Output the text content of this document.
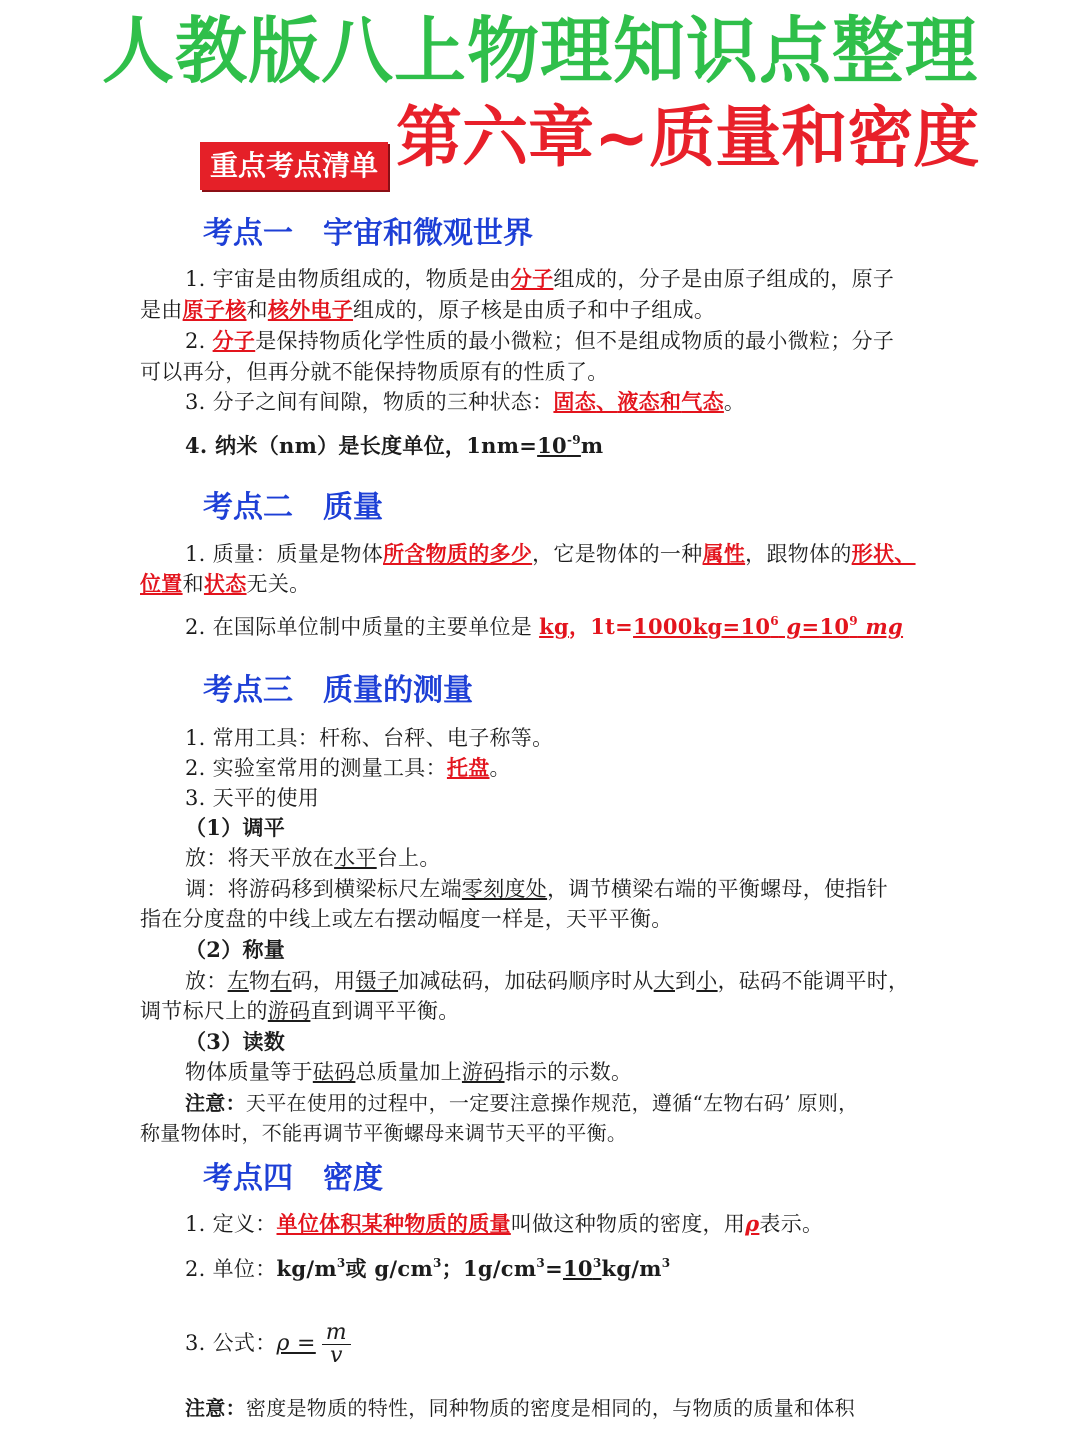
人教版八上物理知识点整理
第六章~质量和密度
重点考点清单
考点一　宇宙和微观世界
1. 宇宙是由物质组成的，物质是由分子组成的，分子是由原子组成的，原子
是由原子核和核外电子组成的，原子核是由质子和中子组成。
2. 分子是保持物质化学性质的最小微粒；但不是组成物质的最小微粒；分子
可以再分，但再分就不能保持物质原有的性质了。
3. 分子之间有间隙，物质的三种状态：固态、液态和气态。
4. 纳米（nm）是长度单位，$1nm=10^{-9}m$
考点二　质量
1. 质量：质量是物体所含物质的多少，它是物体的一种属性，跟物体的形状、
位置和状态无关。
2. 在国际单位制中质量的主要单位是 kg，$1t=1000kg=10^6$ $g=10^9$ mg
考点三　质量的测量
1. 常用工具：杆称、台秤、电子称等。
2. 实验室常用的测量工具：托盘。
3. 天平的使用
（1）调平
放：将天平放在水平台上。
调：将游码移到横梁标尺左端零刻度处，调节横梁右端的平衡螺母，使指针
指在分度盘的中线上或左右摆动幅度一样是，天平平衡。
（2）称量
放：左物右码，用镊子加减砝码，加砝码顺序时从大到小，砝码不能调平时，
调节标尺上的游码直到调平平衡。
（3）读数
物体质量等于砝码总质量加上游码指示的示数。
注意：天平在使用的过程中，一定要注意操作规范，遵循“左物右码’ 原则，
称量物体时，不能再调节平衡螺母来调节天平的平衡。
考点四　密度
1. 定义：单位体积某种物质的质量叫做这种物质的密度，用ρ表示。
2. 单位：$kg/m^3$或 $g/cm^3$；$1g/cm^3=10^3kg/m^3$
3. 公式：$\rho = \frac{m}{v}$
注意：密度是物质的特性，同种物质的密度是相同的，与物质的质量和体积
